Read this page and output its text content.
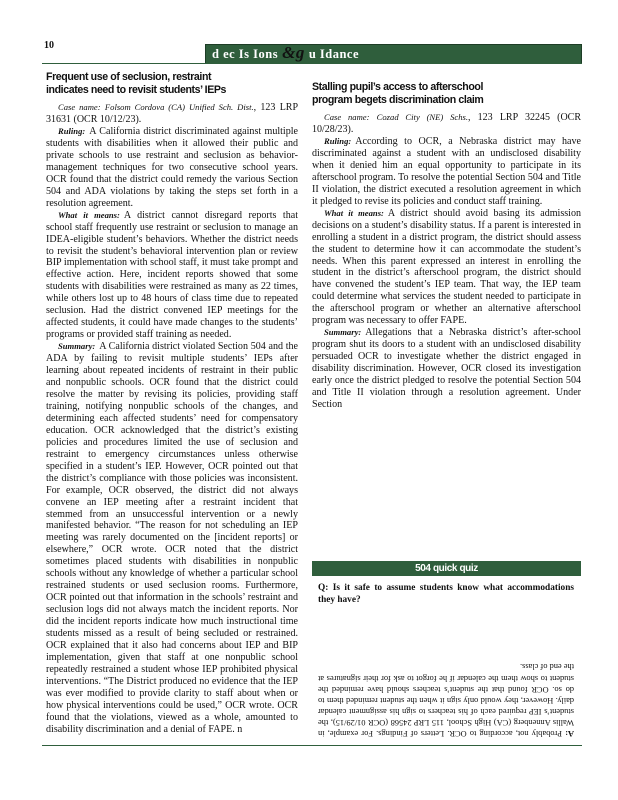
10
d ec Is Ions &g u Idance
Frequent use of seclusion, restraint
indicates need to revisit students’ IEPs
Case name: Folsom Cordova (CA) Unified Sch. Dist., 123 LRP 31631 (OCR 10/12/23).

Ruling: A California district discriminated against multiple students with disabilities when it allowed their public and private schools to use restraint and seclusion as behavior-management techniques for two consecutive school years. OCR found that the district could remedy the various Section 504 and ADA violations by taking the steps set forth in a resolution agreement.

What it means: A district cannot disregard reports that school staff frequently use restraint or seclusion to manage an IDEA-eligible student’s behaviors. Whether the district needs to revisit the student’s behavioral intervention plan or review BIP implementation with school staff, it must take prompt and effective action. Here, incident reports showed that some students with disabilities were restrained as many as 22 times, while others lost up to 48 hours of class time due to repeated seclusion. Had the district convened IEP meetings for the affected students, it could have made changes to the students’ programs or provided staff training as needed.

Summary: A California district violated Section 504 and the ADA by failing to revisit multiple students’ IEPs after learning about repeated incidents of restraint in their public and nonpublic schools. OCR found that the district could resolve the matter by revising its policies, providing staff training, notifying nonpublic schools of the changes, and determining each affected students’ need for compensatory education. OCR acknowledged that the district’s existing policies and procedures limited the use of seclusion and restraint to emergency circumstances unless otherwise specified in a student’s IEP. However, OCR pointed out that the district’s compliance with those policies was inconsistent. For example, OCR observed, the district did not always convene an IEP meeting after a restraint incident that stemmed from an unsuccessful intervention or a newly manifested behavior. “The reason for not scheduling an IEP meeting was rarely documented on the [incident reports] or elsewhere,” OCR wrote. OCR noted that the district sometimes placed students with disabilities in nonpublic schools without any knowledge of whether a particular school restrained students or used seclusion rooms. Furthermore, OCR pointed out that information in the schools’ restraint and seclusion logs did not always match the incident reports. Nor did the incident reports indicate how much instructional time students missed as a result of being secluded or restrained. OCR explained that it also had concerns about IEP and BIP implementation, given that staff at one nonpublic school repeatedly restrained a student whose IEP prohibited physical interventions. “The District produced no evidence that the IEP was ever modified to provide clarity to staff about when or how physical interventions could be used,” OCR wrote. OCR found that the violations, viewed as a whole, amounted to disability discrimination and a denial of FAPE. n

Stalling pupil’s access to afterschool
program begets discrimination claim
Case name: Cozad City (NE) Schs., 123 LRP 32245 (OCR 10/28/23).

Ruling: According to OCR, a Nebraska district may have discriminated against a student with an undisclosed disability when it denied him an equal opportunity to participate in its afterschool program. To resolve the potential Section 504 and Title II violation, the district executed a resolution agreement in which it pledged to revise its policies and conduct staff training.

What it means: A district should avoid basing its admission decisions on a student’s disability status. If a parent is interested in enrolling a student in a district program, the district should assess the student to determine how it can accommodate the student’s needs. When this parent expressed an interest in enrolling the student in the district’s afterschool program, the district should have convened the student’s IEP team. That way, the IEP team could determine what services the student needed to participate in the afterschool program or whether an alternative afterschool program was necessary to offer FAPE.

Summary: Allegations that a Nebraska district’s after-school program shut its doors to a student with an undisclosed disability persuaded OCR to investigate whether the district engaged in disability discrimination. However, OCR closed its investigation early once the district pledged to resolve the potential Section 504 and Title II violation through a resolution agreement. Under Section

504 quick quiz
Q: Is it safe to assume students know what accommodations they have?
A: Probably not, according to OCR. Letters of Findings. For example, in Wallis Annenberg (CA) High School, 115 LRP 24568 (OCR 01/29/15), the student’s IEP required each of his teachers to sign his assignment calendar daily. However, they would only sign it when the student reminded them to do so. OCR found that the student’s teachers should have reminded the student to show them the calendar if he forgot to ask for their signatures at the end of class.
